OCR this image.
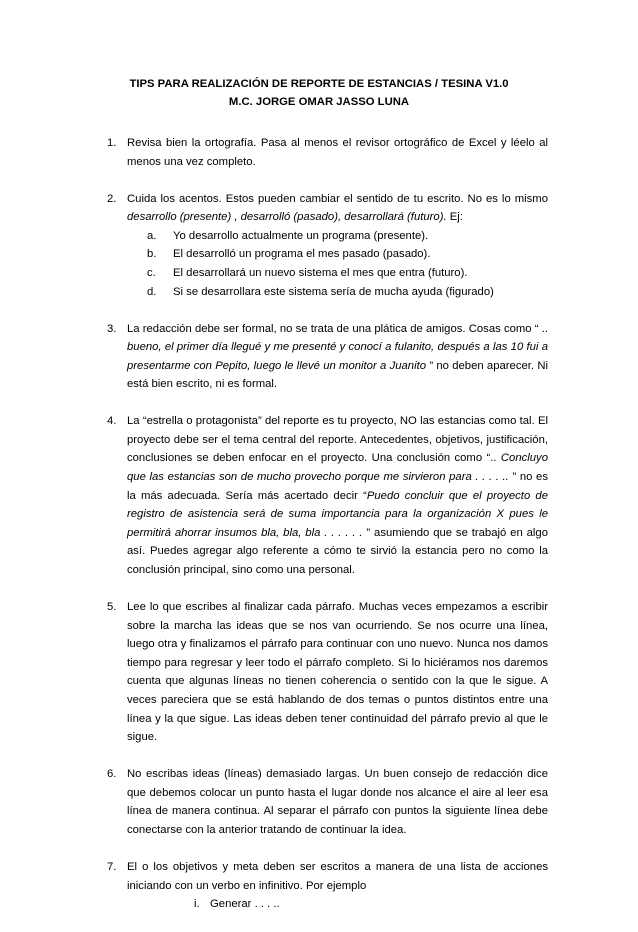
TIPS PARA REALIZACIÓN DE REPORTE DE ESTANCIAS / TESINA V1.0
M.C. JORGE OMAR JASSO LUNA
1. Revisa bien la ortografía. Pasa al menos el revisor ortográfico de Excel y léelo al menos una vez completo.
2. Cuida los acentos. Estos pueden cambiar el sentido de tu escrito. No es lo mismo desarrollo (presente) , desarrolló (pasado), desarrollará (futuro). Ej:
a. Yo desarrollo actualmente un programa (presente).
b. El desarrolló un programa el mes pasado (pasado).
c. El desarrollará un nuevo sistema el mes que entra (futuro).
d. Si se desarrollara este sistema sería de mucha ayuda (figurado)
3. La redacción debe ser formal, no se trata de una plática de amigos. Cosas como “ .. bueno, el primer día llegué y me presenté y conocí a fulanito, después a las 10 fui a presentarme con Pepito, luego le llevé un monitor a Juanito ” no deben aparecer. Ni está bien escrito, ni es formal.
4. La “estrella o protagonista” del reporte es tu proyecto, NO las estancias como tal. El proyecto debe ser el tema central del reporte. Antecedentes, objetivos, justificación, conclusiones se deben enfocar en el proyecto. Una conclusión como “.. Concluyo que las estancias son de mucho provecho porque me sirvieron para . . . . .. ” no es la más adecuada. Sería más acertado decir “Puedo concluir que el proyecto de registro de asistencia será de suma importancia para la organización X pues le permitirá ahorrar insumos bla, bla, bla . . . . . . ” asumiendo que se trabajó en algo así. Puedes agregar algo referente a cómo te sirvió la estancia pero no como la conclusión principal, sino como una personal.
5. Lee lo que escribes al finalizar cada párrafo. Muchas veces empezamos a escribir sobre la marcha las ideas que se nos van ocurriendo. Se nos ocurre una línea, luego otra y finalizamos el párrafo para continuar con uno nuevo. Nunca nos damos tiempo para regresar y leer todo el párrafo completo. Si lo hiciéramos nos daremos cuenta que algunas líneas no tienen coherencia o sentido con la que le sigue. A veces pareciera que se está hablando de dos temas o puntos distintos entre una línea y la que sigue. Las ideas deben tener continuidad del párrafo previo al que le sigue.
6. No escribas ideas (líneas) demasiado largas. Un buen consejo de redacción dice que debemos colocar un punto hasta el lugar donde nos alcance el aire al leer esa línea de manera continua. Al separar el párrafo con puntos la siguiente línea debe conectarse con la anterior tratando de continuar la idea.
7. El o los objetivos y meta deben ser escritos a manera de una lista de acciones iniciando con un verbo en infinitivo. Por ejemplo
i. Generar . . . ..
